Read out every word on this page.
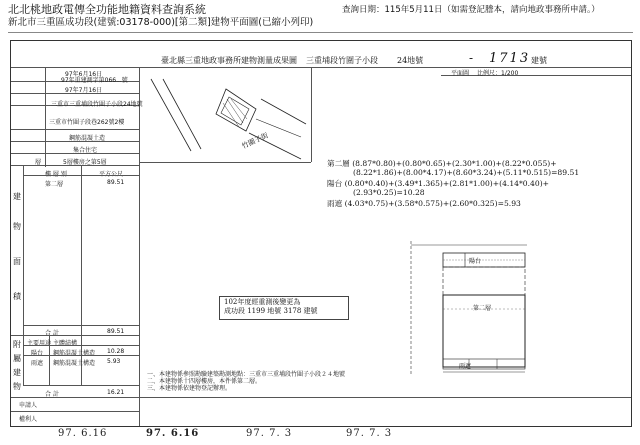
北北桃地政電傳全功能地籍資料查詢系統
新北市三重區成功段(建號:03178-000)[第二類]建物平面圖(已縮小列印)
查詢日期：115年5月11日（如需登記謄本，請向地政事務所申請。）
臺北縣三重地政事務所建物測量成果圖 三重埔段竹圍子小段 24地號	1713 建號
-
97年6月16日
97年重建測字第066...號
97年7月16日
三重市三重埔段竹圍子小段24地號
三重市竹圍子段巷262號2樓
鋼筋混凝土造
集合住宅
層	5層樓房之第5層
樓 層 別	平方公尺
第二層	89.51
建
物
面
積
合 計	89.51
主要用途 主體結構
陽台 鋼筋混凝土構造 10.28
雨遮 鋼筋混凝土構造 5.93
附
屬
建
物
合 計	16.21
申請人
權利人
竹圍子街
平面圖 比例尺：1/200
第二層 (8.87*0.80)+(0.80*0.65)+(2.30*1.00)+(8.22*0.055)+
(8.22*1.86)+(8.00*4.17)+(8.60*3.24)+(5.11*0.515)=89.51
陽台 (0.80*0.40)+(3.49*1.365)+(2.81*1.00)+(4.14*0.40)+
(2.93*0.25)=10.28
雨遮 (4.03*0.75)+(3.58*0.575)+(2.60*0.325)=5.93
陽台
第二層
雨遮
102年度經重測後變更為
成功段 1199 地號 3178 建號
一、本建物係參照勘驗建築勘測地點：三重市三重埔段竹圍子小段２４地號
二、本建物係十四層樓房，本件係第二層。
三、本建物係依建物登記辦理。
97. 6.16	97. 6.16	97. 7. 3	97. 7. 3
